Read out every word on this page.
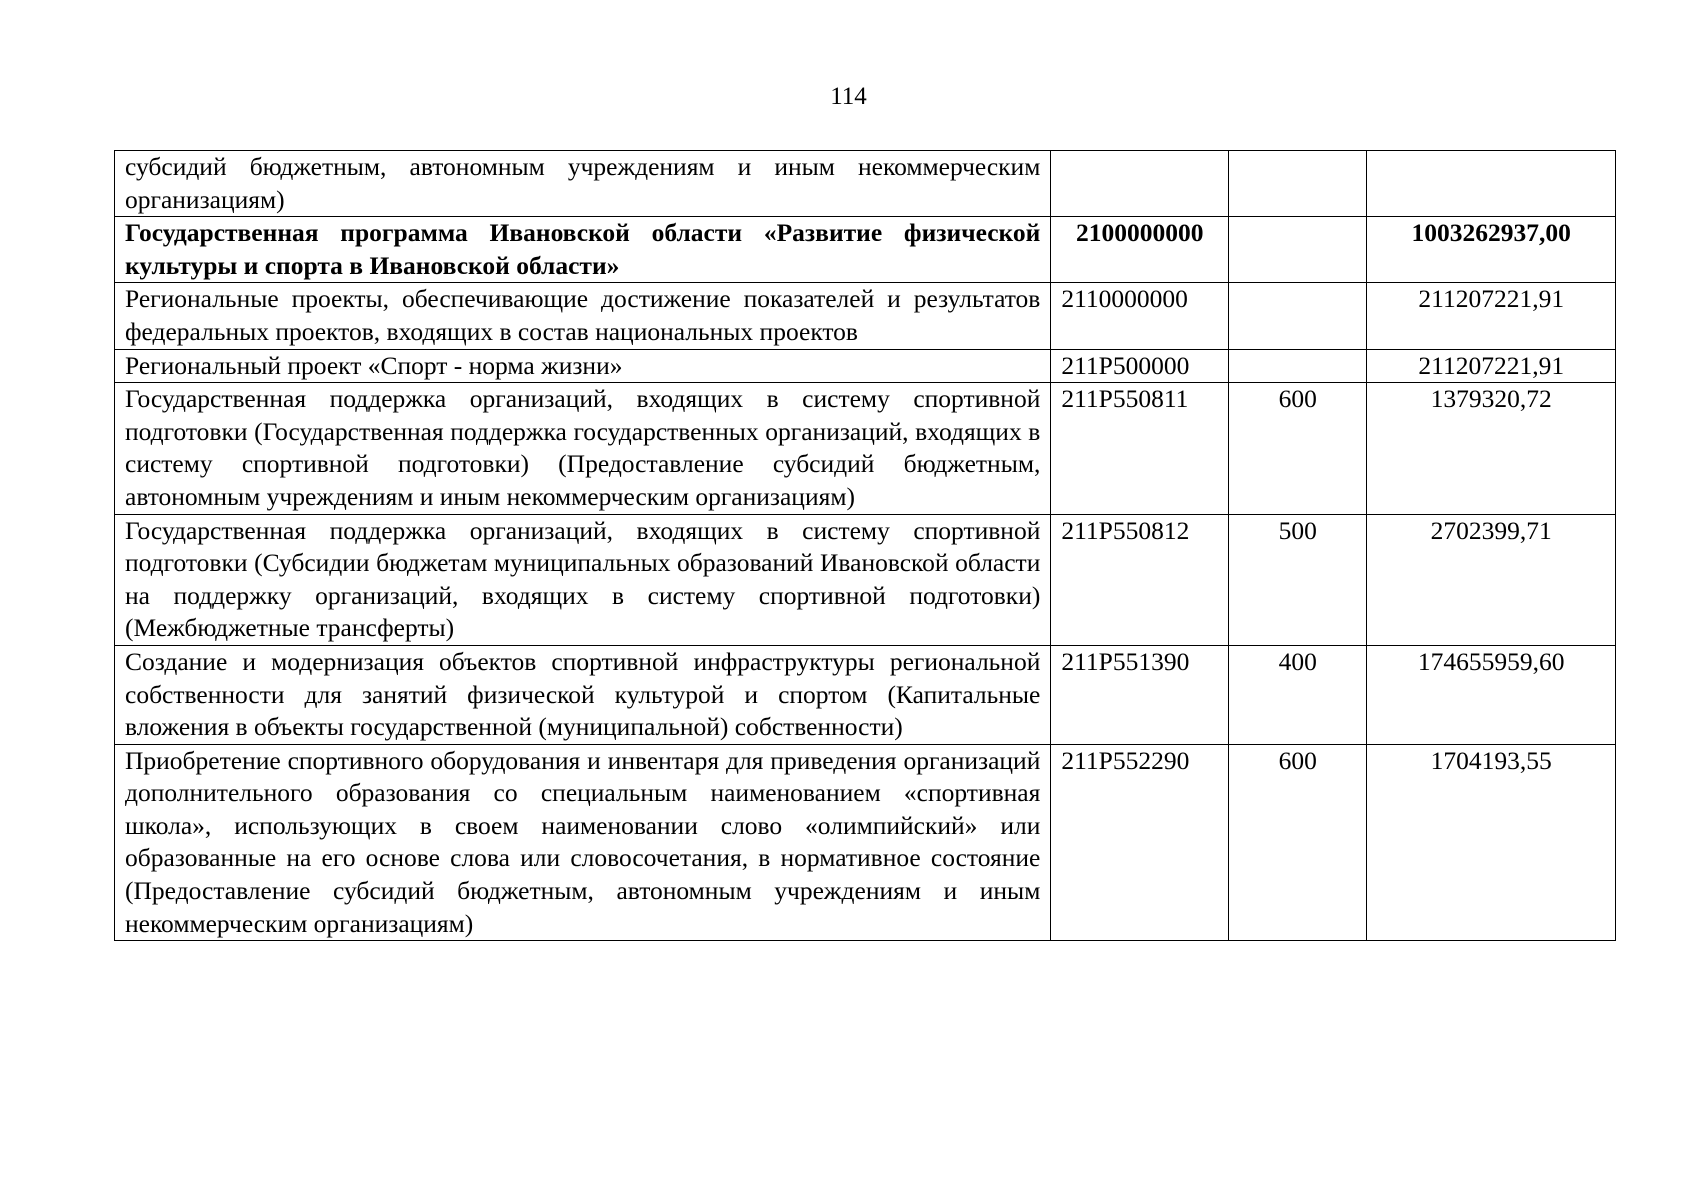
114
субсидий бюджетным, автономным учреждениям и иным некоммерческим организациям)			
Государственная программа Ивановской области «Развитие физической культуры и спорта в Ивановской области»	2100000000		1003262937,00
Региональные проекты, обеспечивающие достижение показателей и результатов федеральных проектов, входящих в состав национальных проектов	2110000000		211207221,91
Региональный проект «Спорт - норма жизни»	211P500000		211207221,91
Государственная поддержка организаций, входящих в систему спортивной подготовки (Государственная поддержка государственных организаций, входящих в систему спортивной подготовки) (Предоставление субсидий бюджетным, автономным учреждениям и иным некоммерческим организациям)	211P550811	600	1379320,72
Государственная поддержка организаций, входящих в систему спортивной подготовки (Субсидии бюджетам муниципальных образований Ивановской области на поддержку организаций, входящих в систему спортивной подготовки) (Межбюджетные трансферты)	211P550812	500	2702399,71
Создание и модернизация объектов спортивной инфраструктуры региональной собственности для занятий физической культурой и спортом (Капитальные вложения в объекты государственной (муниципальной) собственности)	211P551390	400	174655959,60
Приобретение спортивного оборудования и инвентаря для приведения организаций дополнительного образования со специальным наименованием «спортивная школа», использующих в своем наименовании слово «олимпийский» или образованные на его основе слова или словосочетания, в нормативное состояние (Предоставление субсидий бюджетным, автономным учреждениям и иным некоммерческим организациям)	211P552290	600	1704193,55
